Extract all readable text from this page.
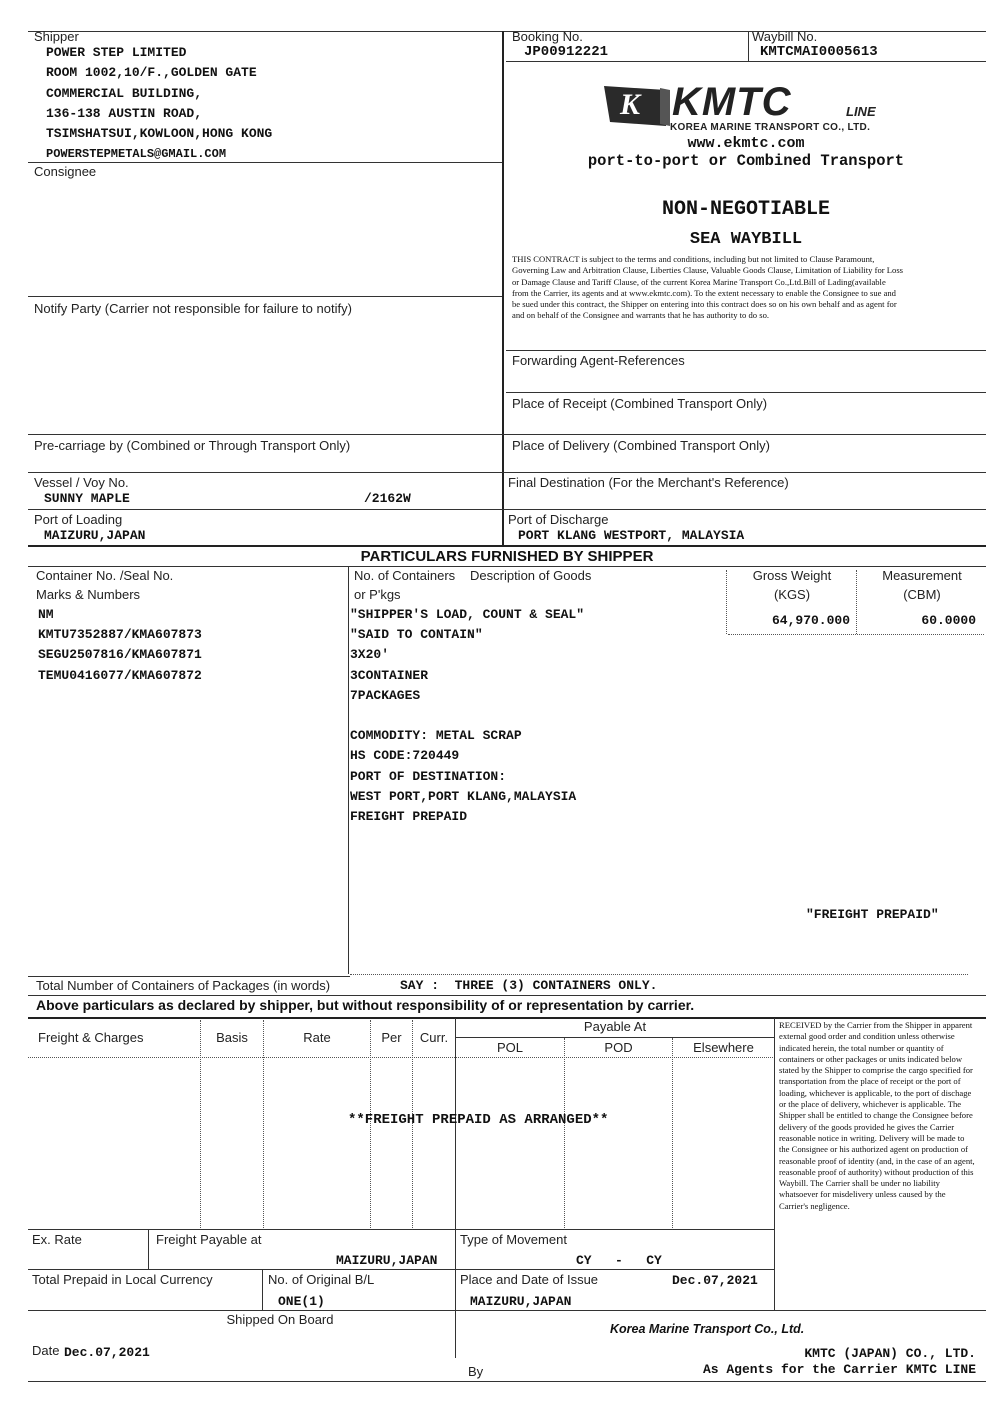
Shipper
POWER STEP LIMITED
ROOM 1002,10/F.,GOLDEN GATE
COMMERCIAL BUILDING,
136-138 AUSTIN ROAD,
TSIMSHATSUI,KOWLOON,HONG KONG
POWERSTEPMETALS@GMAIL.COM
Booking No.
JP00912221
Waybill No.
KMTCMAI0005613
K KMTC	LINE
KOREA MARINE TRANSPORT CO., LTD.
www.ekmtc.com
port-to-port or Combined Transport
NON-NEGOTIABLE
SEA WAYBILL
THIS CONTRACT is subject to the terms and conditions, including but not limited to Clause Paramount, Governing Law and Arbitration Clause, Liberties Clause, Valuable Goods Clause, Limitation of Liability for Loss or Damage Clause and Tariff Clause, of the current Korea Marine Transport Co.,Ltd.Bill of Lading(available from the Carrier, its agents and at www.ekmtc.com). To the extent necessary to enable the Consignee to sue and be sued under this contract, the Shipper on entering into this contract does so on his own behalf and as agent for and on behalf of the Consignee and warrants that he has authority to do so.
Consignee
Notify Party (Carrier not responsible for failure to notify)
Forwarding Agent-References
Place of Receipt (Combined Transport Only)
Pre-carriage by (Combined or Through Transport Only)	Place of Delivery (Combined Transport Only)
Vessel / Voy No.
SUNNY MAPLE	/2162W
Final Destination (For the Merchant's Reference)
Port of Loading
MAIZURU,JAPAN
Port of Discharge
PORT KLANG WESTPORT, MALAYSIA
PARTICULARS FURNISHED BY SHIPPER
Container No. /Seal No.
Marks & Numbers
No. of Containers
or P'kgs
Description of Goods	Gross Weight
(KGS)
Measurement
(CBM)
NM
KMTU7352887/KMA607873
SEGU2507816/KMA607871
TEMU0416077/KMA607872
"SHIPPER'S LOAD, COUNT & SEAL"
"SAID TO CONTAIN"
3X20'
3CONTAINER
7PACKAGES
COMMODITY: METAL SCRAP
HS CODE:720449
PORT OF DESTINATION:
WEST PORT,PORT KLANG,MALAYSIA
FREIGHT PREPAID
64,970.000	60.0000
"FREIGHT PREPAID"
Total Number of Containers of Packages (in words)	SAY :  THREE (3) CONTAINERS ONLY.
Above particulars as declared by shipper, but without responsibility of or representation by carrier.
Freight & Charges	Basis	Rate	Per	Curr.
Payable At
POL	POD	Elsewhere
**FREIGHT PREPAID AS ARRANGED**
RECEIVED by the Carrier from the Shipper in apparent external good order and condition unless otherwise indicated herein, the total number or quantity of containers or other packages or units indicated below stated by the Shipper to comprise the cargo specified for transportation from the place of receipt or the port of loading, whichever is applicable, to the port of dischage or the place of delivery, whichever is applicable. The Shipper shall be entitled to change the Consignee before delivery of the goods provided he gives the Carrier reasonable notice in writing. Delivery will be made to the Consignee or his authorized agent on production of reasonable proof of identity (and, in the case of an agent, reasonable proof of authority) without production of this Waybill. The Carrier shall be under no liability whatsoever for misdelivery unless caused by the Carrier's negligence.
Ex. Rate	Freight Payable at
MAIZURU,JAPAN
Type of Movement
CY   -   CY
Total Prepaid in Local Currency	No. of Original B/L
ONE(1)
Place and Date of Issue	Dec.07,2021
MAIZURU,JAPAN
Shipped On Board
Date Dec.07,2021
Korea Marine Transport Co., Ltd.
KMTC (JAPAN) CO., LTD.
By	As Agents for the Carrier KMTC LINE
